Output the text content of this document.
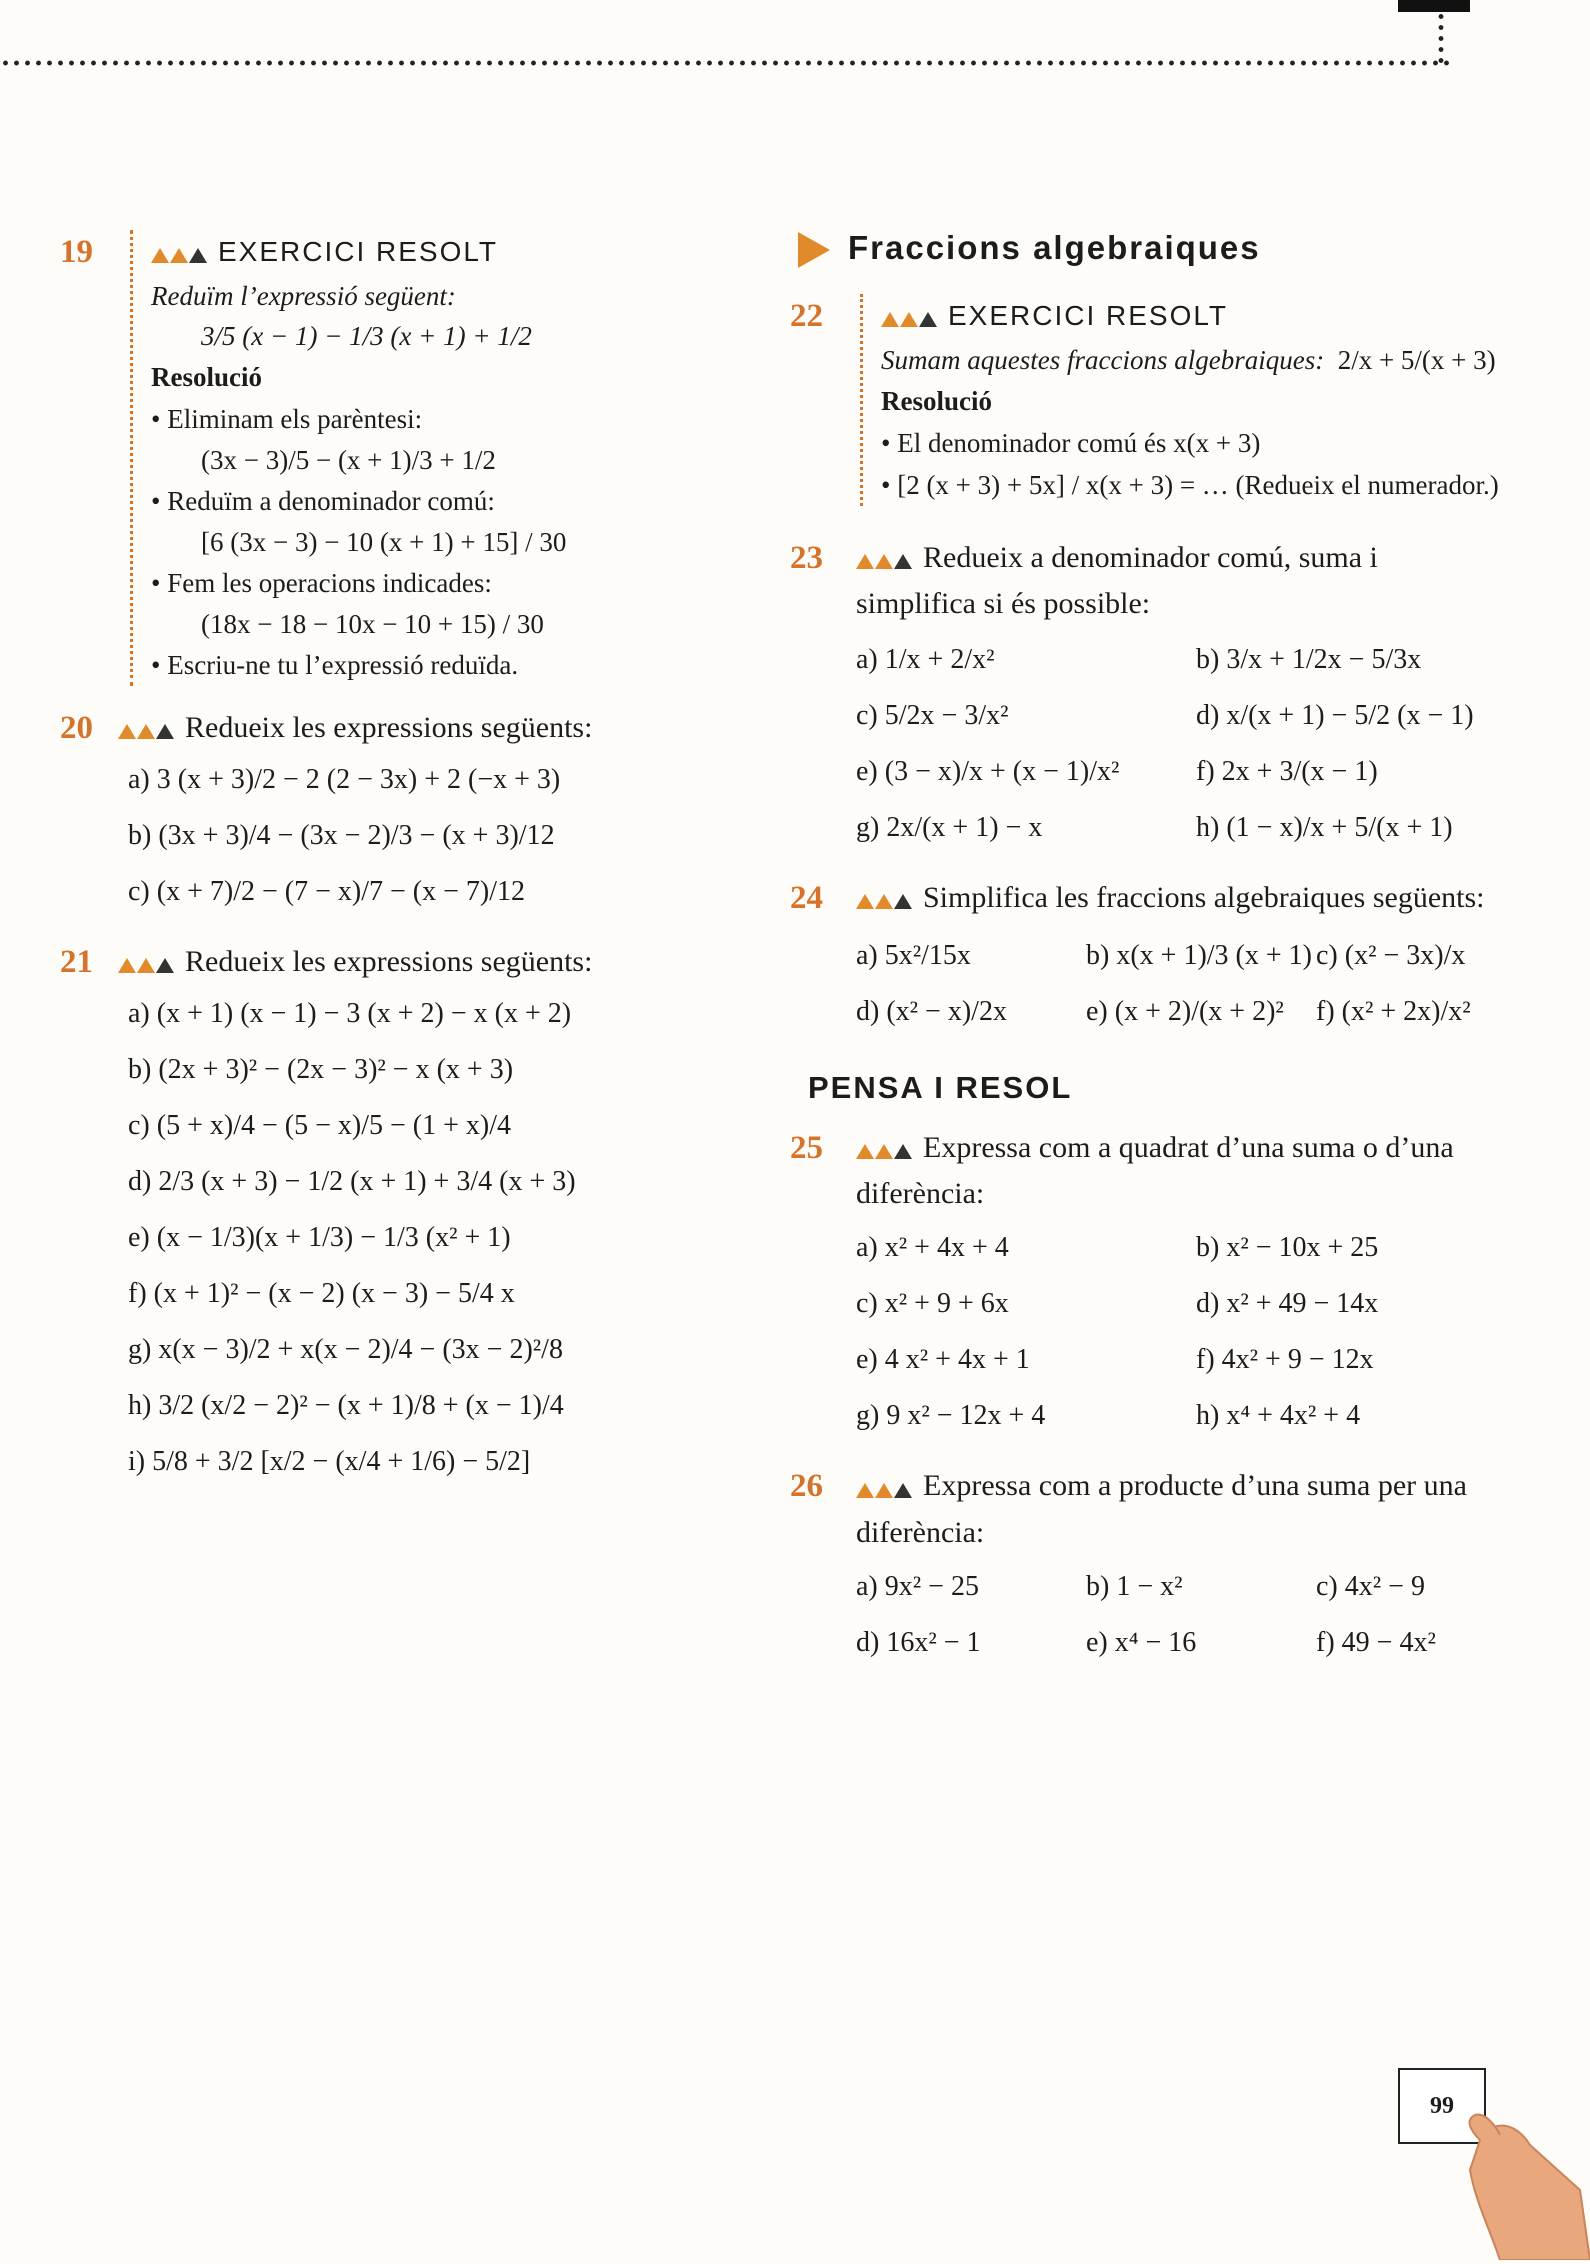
19	EXERCICI RESOLT
Reduïm l’expressió següent:
3/5 (x − 1) − 1/3 (x + 1) + 1/2
Resolució
• Eliminam els parèntesi:
(3x − 3)/5 − (x + 1)/3 + 1/2
• Reduïm a denominador comú:
[6 (3x − 3) − 10 (x + 1) + 15] / 30
• Fem les operacions indicades:
(18x − 18 − 10x − 10 + 15) / 30
• Escriu-ne tu l’expressió reduïda.
20	Redueix les expressions següents:
a) 3 (x + 3)/2 − 2 (2 − 3x) + 2 (−x + 3)
b) (3x + 3)/4 − (3x − 2)/3 − (x + 3)/12
c) (x + 7)/2 − (7 − x)/7 − (x − 7)/12
21	Redueix les expressions següents:
a) (x + 1) (x − 1) − 3 (x + 2) − x (x + 2)
b) (2x + 3)² − (2x − 3)² − x (x + 3)
c) (5 + x)/4 − (5 − x)/5 − (1 + x)/4
d) 2/3 (x + 3) − 1/2 (x + 1) + 3/4 (x + 3)
e) (x − 1/3)(x + 1/3) − 1/3 (x² + 1)
f) (x + 1)² − (x − 2) (x − 3) − 5/4 x
g) x(x − 3)/2 + x(x − 2)/4 − (3x − 2)²/8
h) 3/2 (x/2 − 2)² − (x + 1)/8 + (x − 1)/4
i) 5/8 + 3/2 [x/2 − (x/4 + 1/6) − 5/2]
Fraccions algebraiques
22	EXERCICI RESOLT
Sumam aquestes fraccions algebraiques: 2/x + 5/(x + 3)
Resolució
• El denominador comú és x(x + 3)
• [2 (x + 3) + 5x] / x(x + 3) = … (Redueix el numerador.)
23	Redueix a denominador comú, suma i simplifica si és possible:
a) 1/x + 2/x²	b) 3/x + 1/2x − 5/3x
c) 5/2x − 3/x²	d) x/(x + 1) − 5/2 (x − 1)
e) (3 − x)/x + (x − 1)/x²	f) 2x + 3/(x − 1)
g) 2x/(x + 1) − x	h) (1 − x)/x + 5/(x + 1)
24	Simplifica les fraccions algebraiques següents:
a) 5x²/15x	b) x(x + 1)/3 (x + 1) c) (x² − 3x)/x
d) (x² − x)/2x	e) (x + 2)/(x + 2)²	f) (x² + 2x)/x²
PENSA I RESOL
25	Expressa com a quadrat d’una suma o d’una diferència:
a) x² + 4x + 4	b) x² − 10x + 25
c) x² + 9 + 6x	d) x² + 49 − 14x
e) 4 x² + 4x + 1	f) 4x² + 9 − 12x
g) 9 x² − 12x + 4	h) x⁴ + 4x² + 4
26	Expressa com a producte d’una suma per una diferència:
a) 9x² − 25	b) 1 − x²	c) 4x² − 9
d) 16x² − 1	e) x⁴ − 16	f) 49 − 4x²
99
